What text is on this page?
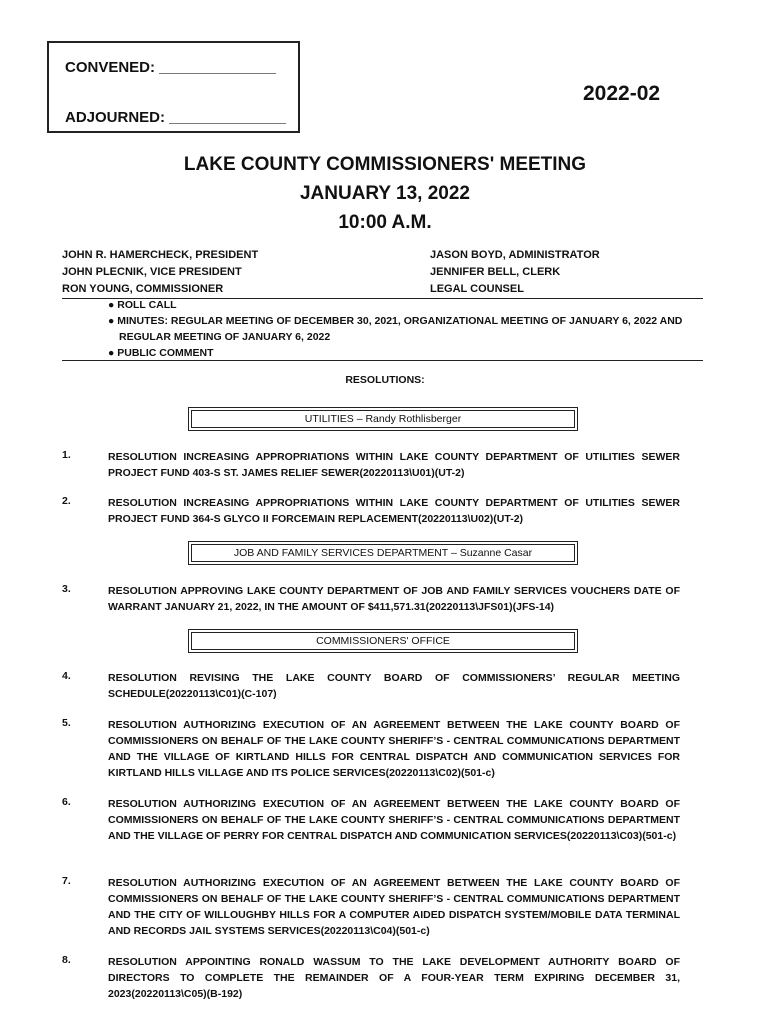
CONVENED: ______________
ADJOURNED: ______________
2022-02
LAKE COUNTY COMMISSIONERS' MEETING
JANUARY 13, 2022
10:00 A.M.
JOHN R. HAMERCHECK, PRESIDENT
JOHN PLECNIK, VICE PRESIDENT
RON YOUNG, COMMISSIONER
JASON BOYD, ADMINISTRATOR
JENNIFER BELL, CLERK
LEGAL COUNSEL
● ROLL CALL
● MINUTES: REGULAR MEETING OF DECEMBER 30, 2021, ORGANIZATIONAL MEETING OF JANUARY 6, 2022 AND REGULAR MEETING OF JANUARY 6, 2022
● PUBLIC COMMENT
RESOLUTIONS:
UTILITIES – Randy Rothlisberger
1.	RESOLUTION INCREASING APPROPRIATIONS WITHIN LAKE COUNTY DEPARTMENT OF UTILITIES SEWER PROJECT FUND 403-S ST. JAMES RELIEF SEWER(20220113\U01)(UT-2)
2.	RESOLUTION INCREASING APPROPRIATIONS WITHIN LAKE COUNTY DEPARTMENT OF UTILITIES SEWER PROJECT FUND 364-S GLYCO II FORCEMAIN REPLACEMENT(20220113\U02)(UT-2)
JOB AND FAMILY SERVICES DEPARTMENT – Suzanne Casar
3.	RESOLUTION APPROVING LAKE COUNTY DEPARTMENT OF JOB AND FAMILY SERVICES VOUCHERS DATE OF WARRANT JANUARY 21, 2022, IN THE AMOUNT OF $411,571.31(20220113\JFS01)(JFS-14)
COMMISSIONERS' OFFICE
4.	RESOLUTION REVISING THE LAKE COUNTY BOARD OF COMMISSIONERS’ REGULAR MEETING SCHEDULE(20220113\C01)(C-107)
5.	RESOLUTION AUTHORIZING EXECUTION OF AN AGREEMENT BETWEEN THE LAKE COUNTY BOARD OF COMMISSIONERS ON BEHALF OF THE LAKE COUNTY SHERIFF’S - CENTRAL COMMUNICATIONS DEPARTMENT AND THE VILLAGE OF KIRTLAND HILLS FOR CENTRAL DISPATCH AND COMMUNICATION SERVICES FOR KIRTLAND HILLS VILLAGE AND ITS POLICE SERVICES(20220113\C02)(501-c)
6.	RESOLUTION AUTHORIZING EXECUTION OF AN AGREEMENT BETWEEN THE LAKE COUNTY BOARD OF COMMISSIONERS ON BEHALF OF THE LAKE COUNTY SHERIFF’S - CENTRAL COMMUNICATIONS DEPARTMENT AND THE VILLAGE OF PERRY FOR CENTRAL DISPATCH AND COMMUNICATION SERVICES(20220113\C03)(501-c)
7.	RESOLUTION AUTHORIZING EXECUTION OF AN AGREEMENT BETWEEN THE LAKE COUNTY BOARD OF COMMISSIONERS ON BEHALF OF THE LAKE COUNTY SHERIFF’S - CENTRAL COMMUNICATIONS DEPARTMENT AND THE CITY OF WILLOUGHBY HILLS FOR A COMPUTER AIDED DISPATCH SYSTEM/MOBILE DATA TERMINAL AND RECORDS JAIL SYSTEMS SERVICES(20220113\C04)(501-c)
8.	RESOLUTION APPOINTING RONALD WASSUM TO THE LAKE DEVELOPMENT AUTHORITY BOARD OF DIRECTORS TO COMPLETE THE REMAINDER OF A FOUR-YEAR TERM EXPIRING DECEMBER 31, 2023(20220113\C05)(B-192)
